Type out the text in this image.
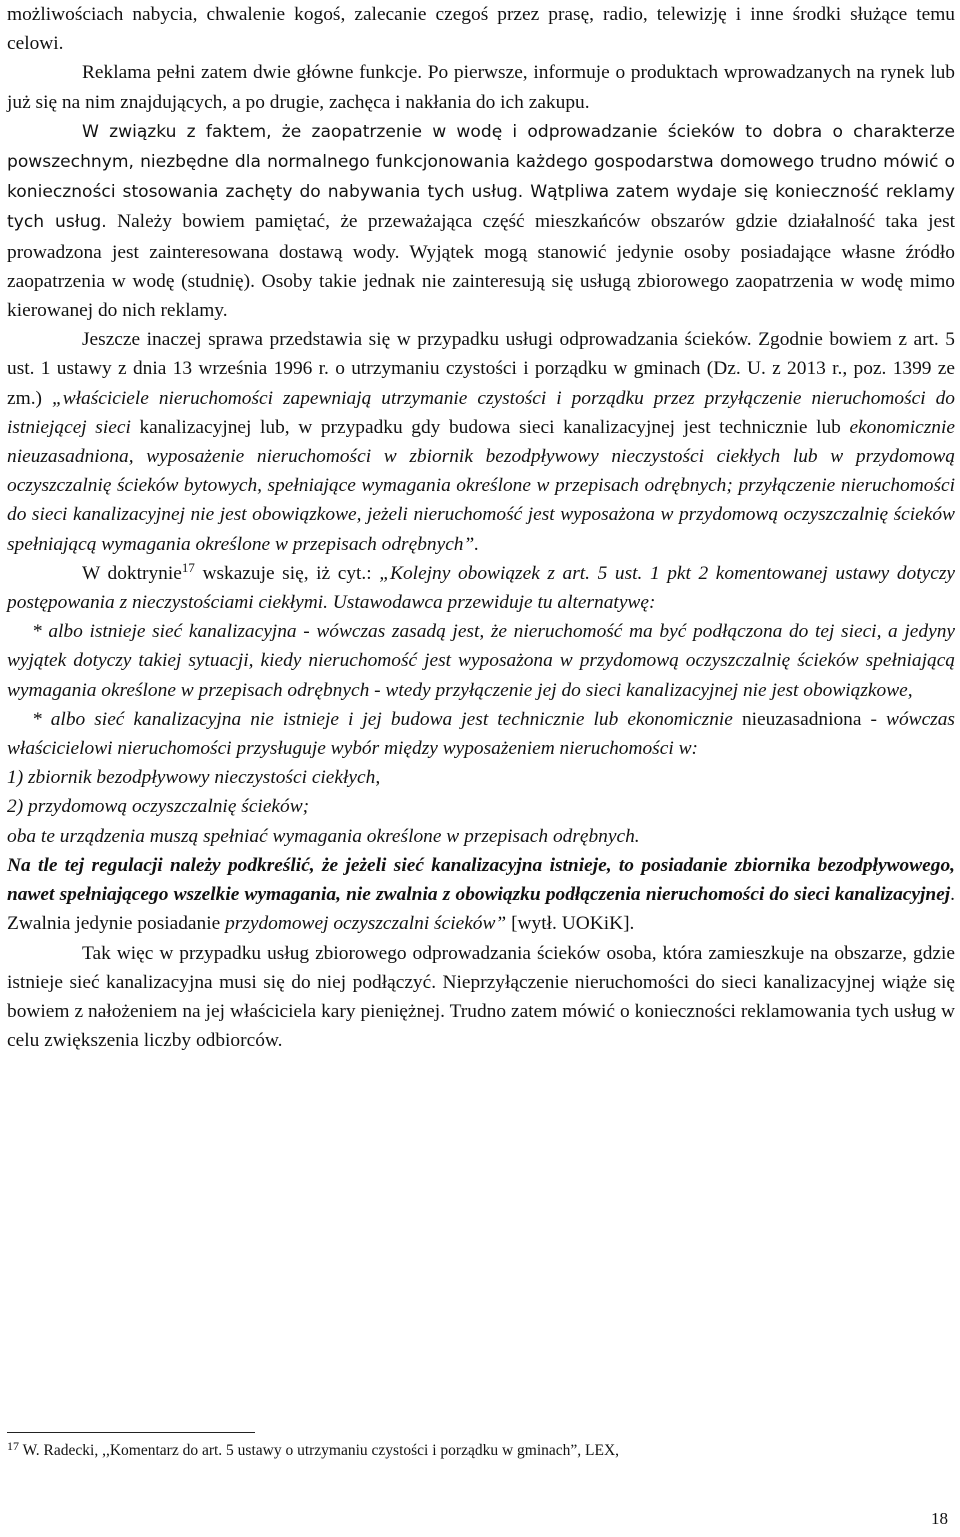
możliwościach nabycia, chwalenie kogoś, zalecanie czegoś przez prasę, radio, telewizję i inne środki służące temu celowi.

Reklama pełni zatem dwie główne funkcje. Po pierwsze, informuje o produktach wprowadzanych na rynek lub już się na nim znajdujących, a po drugie, zachęca i nakłania do ich zakupu.

W związku z faktem, że zaopatrzenie w wodę i odprowadzanie ścieków to dobra o charakterze powszechnym, niezbędne dla normalnego funkcjonowania każdego gospodarstwa domowego trudno mówić o konieczności stosowania zachęty do nabywania tych usług. Wątpliwa zatem wydaje się konieczność reklamy tych usług. Należy bowiem pamiętać, że przeważająca część mieszkańców obszarów gdzie działalność taka jest prowadzona jest zainteresowana dostawą wody. Wyjątek mogą stanowić jedynie osoby posiadające własne źródło zaopatrzenia w wodę (studnię). Osoby takie jednak nie zainteresują się usługą zbiorowego zaopatrzenia w wodę mimo kierowanej do nich reklamy.

Jeszcze inaczej sprawa przedstawia się w przypadku usługi odprowadzania ścieków. Zgodnie bowiem z art. 5 ust. 1 ustawy z dnia 13 września 1996 r. o utrzymaniu czystości i porządku w gminach (Dz. U. z 2013 r., poz. 1399 ze zm.) „właściciele nieruchomości zapewniają utrzymanie czystości i porządku przez przyłączenie nieruchomości do istniejącej sieci kanalizacyjnej lub, w przypadku gdy budowa sieci kanalizacyjnej jest technicznie lub ekonomicznie nieuzasadniona, wyposażenie nieruchomości w zbiornik bezodpływowy nieczystości ciekłych lub w przydomową oczyszczalnię ścieków bytowych, spełniające wymagania określone w przepisach odrębnych; przyłączenie nieruchomości do sieci kanalizacyjnej nie jest obowiązkowe, jeżeli nieruchomość jest wyposażona w przydomową oczyszczalnię ścieków spełniającą wymagania określone w przepisach odrębnych”.

W doktrynie$^{17}$ wskazuje się, iż cyt.: „Kolejny obowiązek z art. 5 ust. 1 pkt 2 komentowanej ustawy dotyczy postępowania z nieczystościami ciekłymi. Ustawodawca przewiduje tu alternatywę:

* albo istnieje sieć kanalizacyjna - wówczas zasadą jest, że nieruchomość ma być podłączona do tej sieci, a jedyny wyjątek dotyczy takiej sytuacji, kiedy nieruchomość jest wyposażona w przydomową oczyszczalnię ścieków spełniającą wymagania określone w przepisach odrębnych - wtedy przyłączenie jej do sieci kanalizacyjnej nie jest obowiązkowe,

* albo sieć kanalizacyjna nie istnieje i jej budowa jest technicznie lub ekonomicznie nieuzasadniona - wówczas właścicielowi nieruchomości przysługuje wybór między wyposażeniem nieruchomości w:

1) zbiornik bezodpływowy nieczystości ciekłych,

2) przydomową oczyszczalnię ścieków;

oba te urządzenia muszą spełniać wymagania określone w przepisach odrębnych.

Na tle tej regulacji należy podkreślić, że jeżeli sieć kanalizacyjna istnieje, to posiadanie zbiornika bezodpływowego, nawet spełniającego wszelkie wymagania, nie zwalnia z obowiązku podłączenia nieruchomości do sieci kanalizacyjnej. Zwalnia jedynie posiadanie przydomowej oczyszczalni ścieków” [wytł. UOKiK].

Tak więc w przypadku usług zbiorowego odprowadzania ścieków osoba, która zamieszkuje na obszarze, gdzie istnieje sieć kanalizacyjna musi się do niej podłączyć. Nieprzyłączenie nieruchomości do sieci kanalizacyjnej wiąże się bowiem z nałożeniem na jej właściciela kary pieniężnej. Trudno zatem mówić o konieczności reklamowania tych usług w celu zwiększenia liczby odbiorców.

$^{17}$ W. Radecki, ,,Komentarz do art. 5 ustawy o utrzymaniu czystości i porządku w gminach”, LEX,
18
